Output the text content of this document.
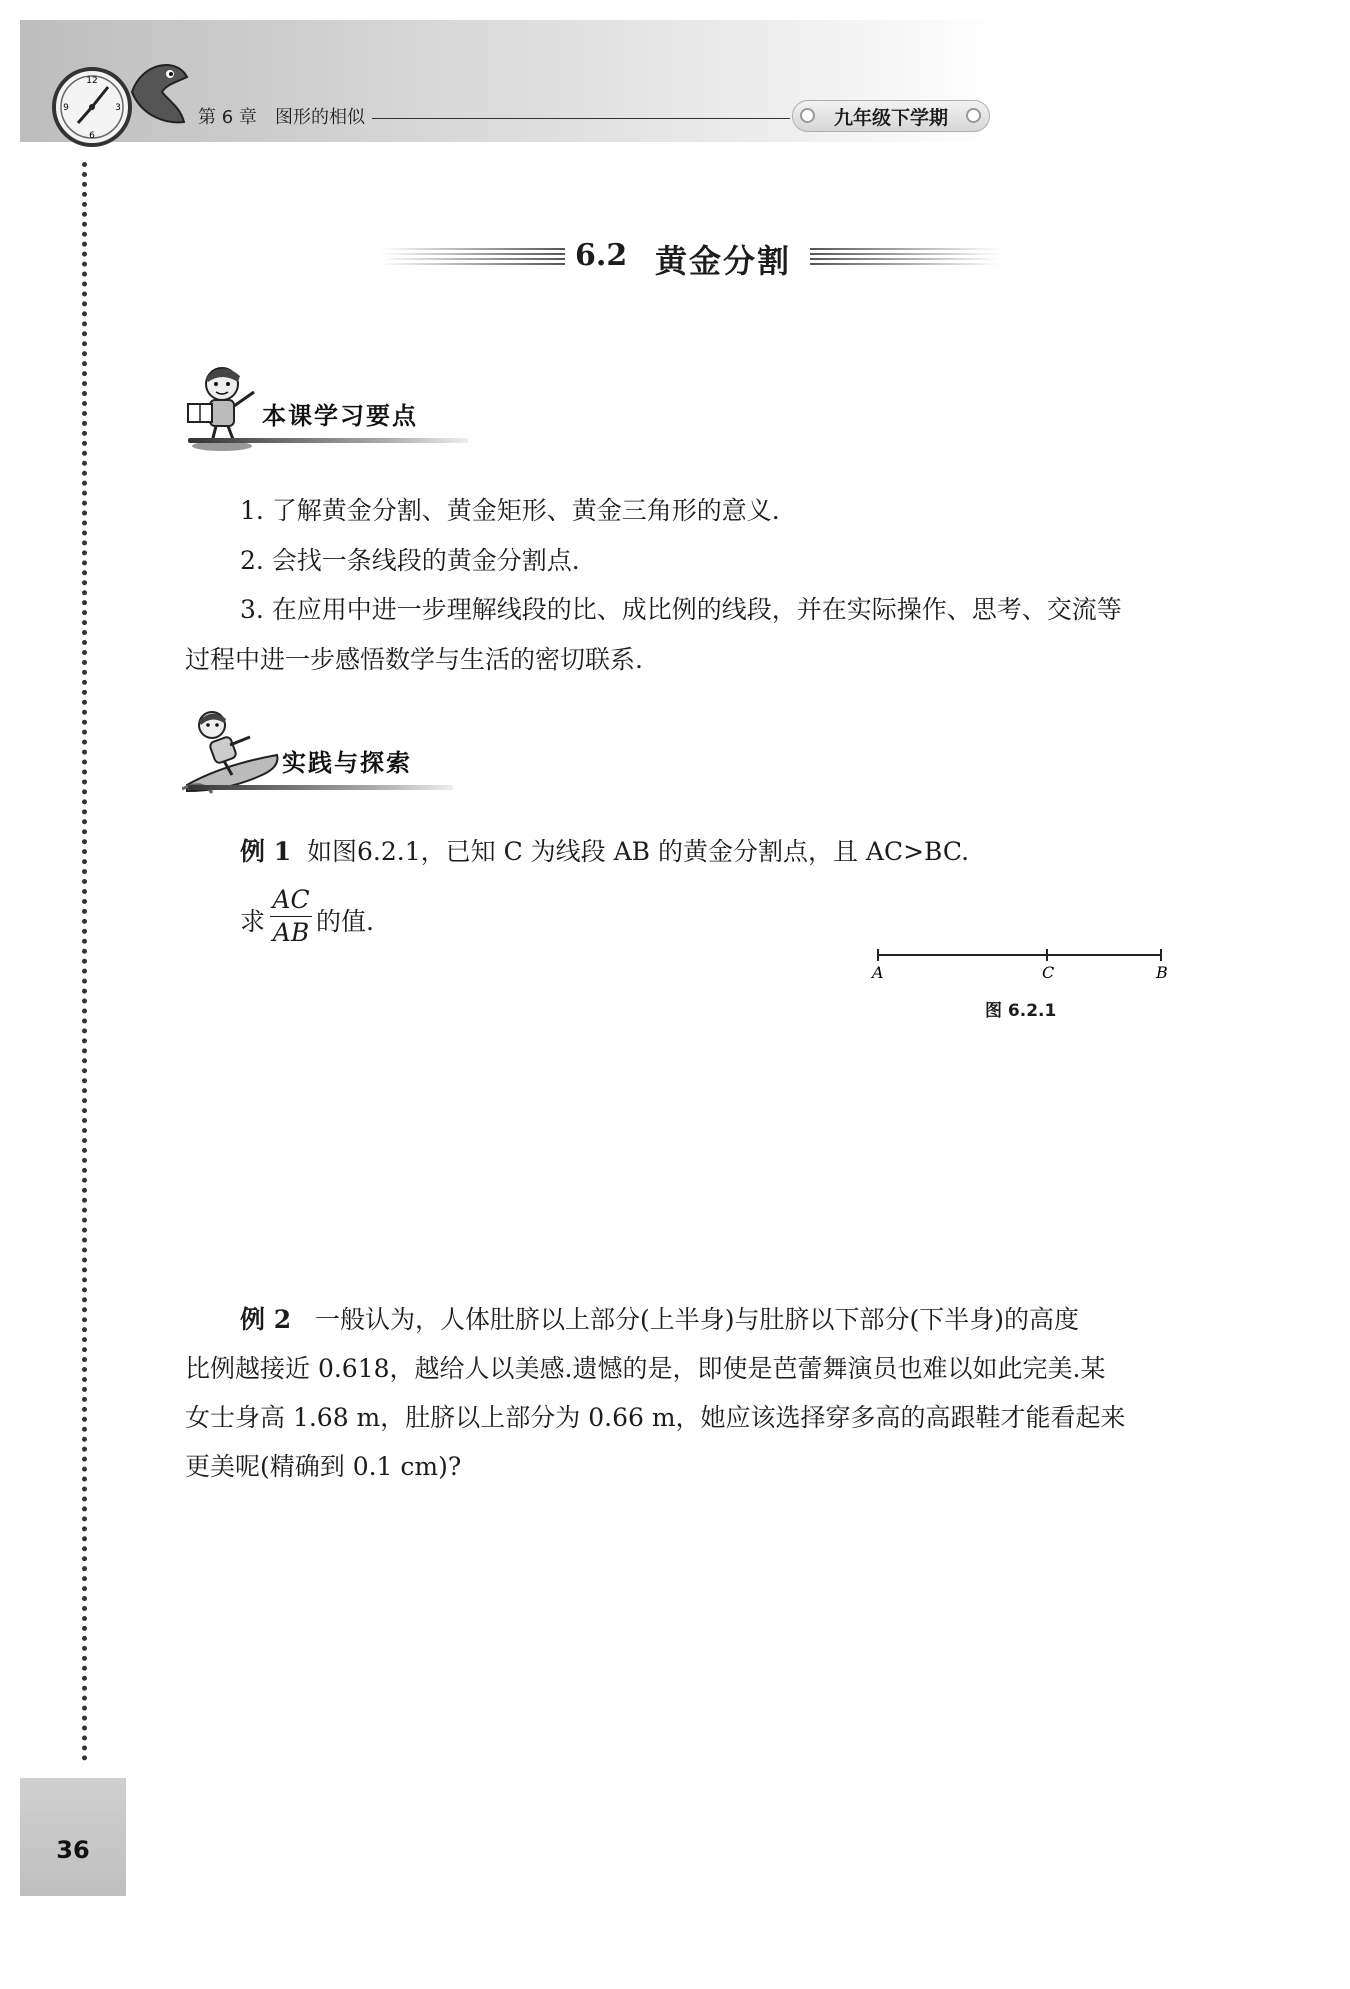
12
3
6
9	第 6 章 图形的相似	九年级下学期
6.2 黄金分割
本课学习要点
1. 了解黄金分割、黄金矩形、黄金三角形的意义.
2. 会找一条线段的黄金分割点.
3. 在应用中进一步理解线段的比、成比例的线段，并在实际操作、思考、交流等
过程中进一步感悟数学与生活的密切联系.
实践与探索
例 1 如图6.2.1，已知 C 为线段 AB 的黄金分割点，且 AC>BC.
求
AC
AB 的值.
A	C	B
图 6.2.1
例 2 一般认为，人体肚脐以上部分(上半身)与肚脐以下部分(下半身)的高度
比例越接近 0.618，越给人以美感.遗憾的是，即使是芭蕾舞演员也难以如此完美.某
女士身高 1.68 m，肚脐以上部分为 0.66 m，她应该选择穿多高的高跟鞋才能看起来
更美呢(精确到 0.1 cm)?
36
